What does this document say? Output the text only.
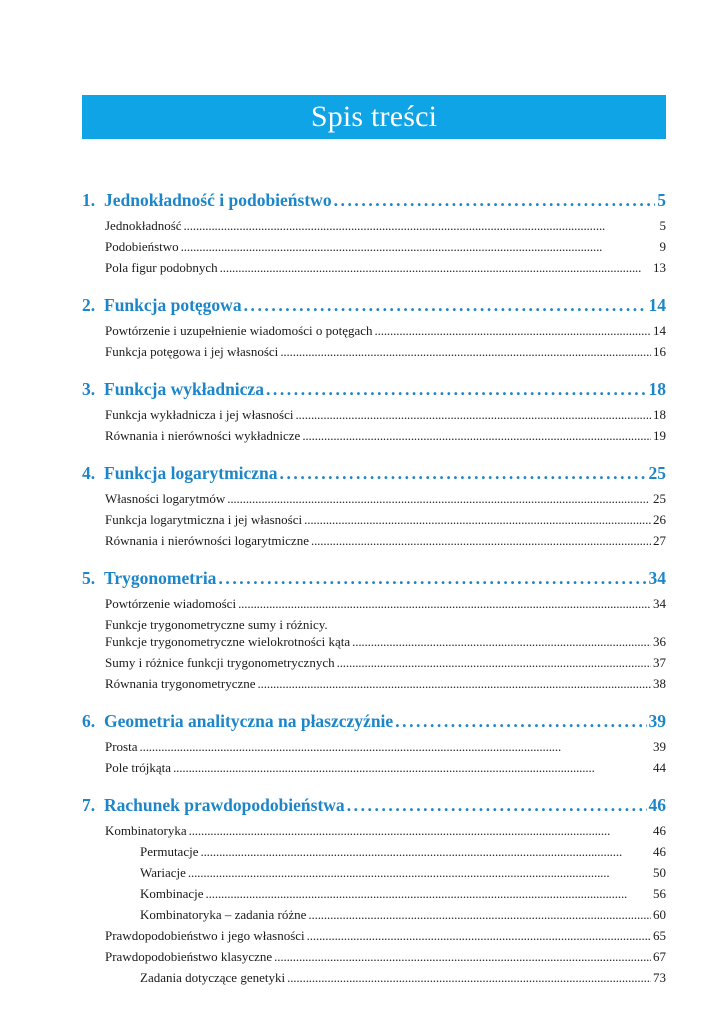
Spis treści
1. Jednokładność i podobieństwo . . .	5
Jednokładność . . .	5
Podobieństwo . . .	9
Pola figur podobnych . . .	13
2. Funkcja potęgowa . . .	14
Powtórzenie i uzupełnienie wiadomości o potęgach . . .	14
Funkcja potęgowa i jej własności . . .	16
3. Funkcja wykładnicza . . .	18
Funkcja wykładnicza i jej własności . . .	18
Równania i nierówności wykładnicze . . .	19
4. Funkcja logarytmiczna . . .	25
Własności logarytmów . . .	25
Funkcja logarytmiczna i jej własności . . .	26
Równania i nierówności logarytmiczne . . .	27
5. Trygonometria . . .	34
Powtórzenie wiadomości . . .	34
Funkcje trygonometryczne sumy i różnicy.
Funkcje trygonometryczne wielokrotności kąta . . .	36
Sumy i różnice funkcji trygonometrycznych . . .	37
Równania trygonometryczne . . .	38
6. Geometria analityczna na płaszczyźnie . . .	39
Prosta . . .	39
Pole trójkąta . . .	44
7. Rachunek prawdopodobieństwa . . .	46
Kombinatoryka . . .	46
Permutacje . . .	46
Wariacje . . .	50
Kombinacje . . .	56
Kombinatoryka – zadania różne . . .	60
Prawdopodobieństwo i jego własności . . .	65
Prawdopodobieństwo klasyczne . . .	67
Zadania dotyczące genetyki . . .	73
